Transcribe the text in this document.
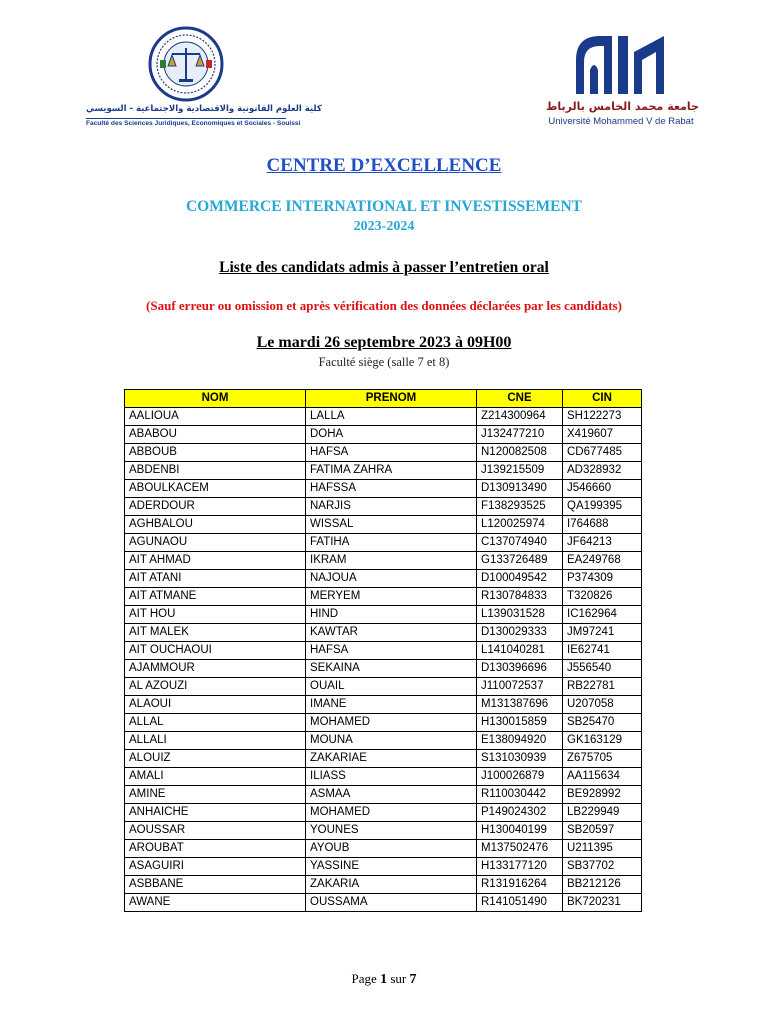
كلية العلوم القانونية والاقتصادية والاجتماعية - السويسي
Faculté des Sciences Juridiques, Economiques et Sociales - Souissi
جامعة محمد الخامس بالرباط
Université Mohammed V de Rabat
CENTRE D’EXCELLENCE
COMMERCE INTERNATIONAL ET INVESTISSEMENT
2023-2024
Liste des candidats admis à passer l’entretien oral
(Sauf erreur ou omission et après vérification des données déclarées par les candidats)
Le mardi 26 septembre 2023 à 09H00
Faculté siège (salle 7 et 8)
NOM	PRENOM	CNE	CIN
AALIOUA	LALLA	Z214300964	SH122273
ABABOU	DOHA	J132477210	X419607
ABBOUB	HAFSA	N120082508	CD677485
ABDENBI	FATIMA ZAHRA	J139215509	AD328932
ABOULKACEM	HAFSSA	D130913490	J546660
ADERDOUR	NARJIS	F138293525	QA199395
AGHBALOU	WISSAL	L120025974	I764688
AGUNAOU	FATIHA	C137074940	JF64213
AIT AHMAD	IKRAM	G133726489	EA249768
AIT ATANI	NAJOUA	D100049542	P374309
AIT ATMANE	MERYEM	R130784833	T320826
AIT HOU	HIND	L139031528	IC162964
AIT MALEK	KAWTAR	D130029333	JM97241
AIT OUCHAOUI	HAFSA	L141040281	IE62741
AJAMMOUR	SEKAINA	D130396696	J556540
AL AZOUZI	OUAIL	J110072537	RB22781
ALAOUI	IMANE	M131387696	U207058
ALLAL	MOHAMED	H130015859	SB25470
ALLALI	MOUNA	E138094920	GK163129
ALOUIZ	ZAKARIAE	S131030939	Z675705
AMALI	ILIASS	J100026879	AA115634
AMINE	ASMAA	R110030442	BE928992
ANHAICHE	MOHAMED	P149024302	LB229949
AOUSSAR	YOUNES	H130040199	SB20597
AROUBAT	AYOUB	M137502476	U211395
ASAGUIRI	YASSINE	H133177120	SB37702
ASBBANE	ZAKARIA	R131916264	BB212126
AWANE	OUSSAMA	R141051490	BK720231
Page 1 sur 7
